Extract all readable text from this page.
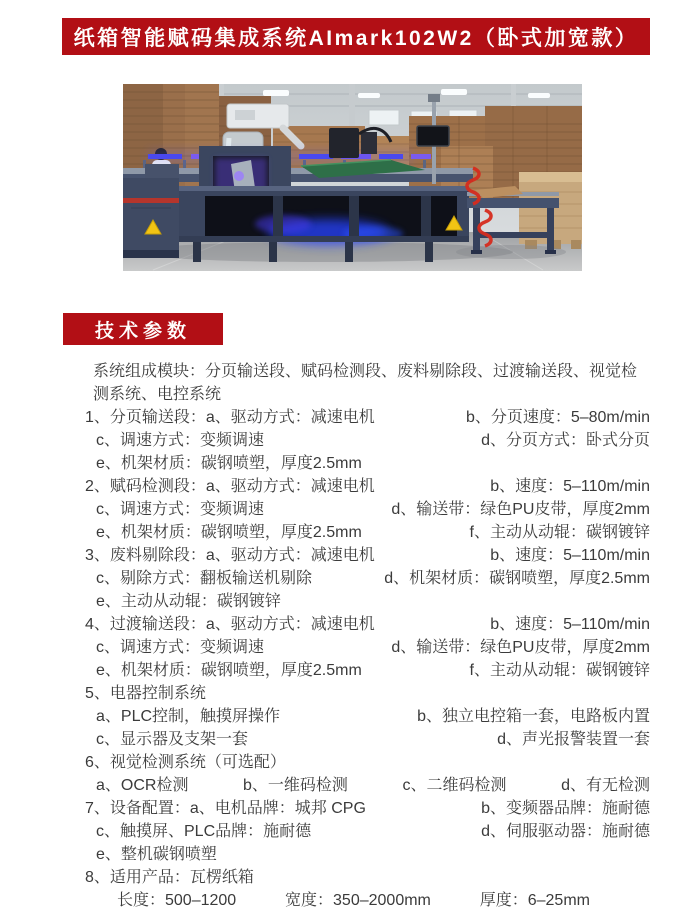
纸箱智能赋码集成系统AImark102W2（卧式加宽款）
技术参数
系统组成模块：分页输送段、赋码检测段、废料剔除段、过渡输送段、视觉检
测系统、电控系统
1、分页输送段：a、驱动方式：减速电机	b、分页速度：5–80m/min
c、调速方式：变频调速	d、分页方式：卧式分页
e、机架材质：碳钢喷塑，厚度2.5mm
2、赋码检测段：a、驱动方式：减速电机	b、速度：5–110m/min
c、调速方式：变频调速	d、输送带：绿色PU皮带，厚度2mm
e、机架材质：碳钢喷塑，厚度2.5mm	f、主动从动辊：碳钢镀锌
3、废料剔除段：a、驱动方式：减速电机	b、速度：5–110m/min
c、剔除方式：翻板输送机剔除	d、机架材质：碳钢喷塑，厚度2.5mm
e、主动从动辊：碳钢镀锌
4、过渡输送段：a、驱动方式：减速电机	b、速度：5–110m/min
c、调速方式：变频调速	d、输送带：绿色PU皮带，厚度2mm
e、机架材质：碳钢喷塑，厚度2.5mm	f、主动从动辊：碳钢镀锌
5、电器控制系统
a、PLC控制，触摸屏操作	b、独立电控箱一套，电路板内置
c、显示器及支架一套	d、声光报警装置一套
6、视觉检测系统（可选配）
a、OCR检测	b、一维码检测	c、二维码检测	d、有无检测
7、设备配置：a、电机品牌：城邦 CPG	b、变频器品牌：施耐德
c、触摸屏、PLC品牌：施耐德	d、伺服驱动器：施耐德
e、整机碳钢喷塑
8、适用产品：瓦楞纸箱
长度：500–1200	宽度：350–2000mm	厚度：6–25mm
